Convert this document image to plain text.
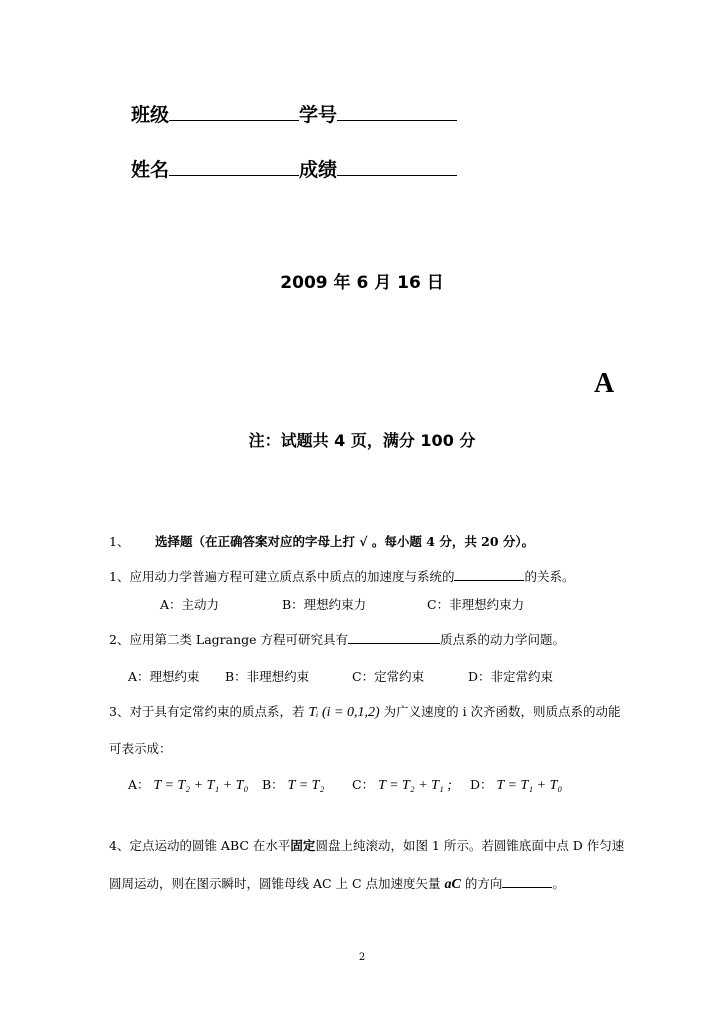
班级	学号
姓名	成绩
2009 年 6 月 16 日
A
注：试题共 4 页，满分 100 分
1、 选择题（在正确答案对应的字母上打 √ 。每小题 4 分，共 20 分）。
1、应用动力学普遍方程可建立质点系中质点的加速度与系统的	的关系。
A：主动力	B：理想约束力	C：非理想约束力
2、应用第二类 Lagrange 方程可研究具有	质点系的动力学问题。
A：理想约束 B：非理想约束	C：定常约束	D：非定常约束
3、对于具有定常约束的质点系，若 Tᵢ (i = 0,1,2) 为广义速度的 i 次齐函数，则质点系的动能
可表示成：
A： T = T₂ + T₁ + T₀ B： T = T₂ C： T = T₂ + T₁ ; D： T = T₁ + T₀
4、定点运动的圆锥 ABC 在水平固定圆盘上纯滚动，如图 1 所示。若圆锥底面中点 D 作匀速
圆周运动，则在图示瞬时，圆锥母线 AC 上 C 点加速度矢量 aC 的方向	。
2
